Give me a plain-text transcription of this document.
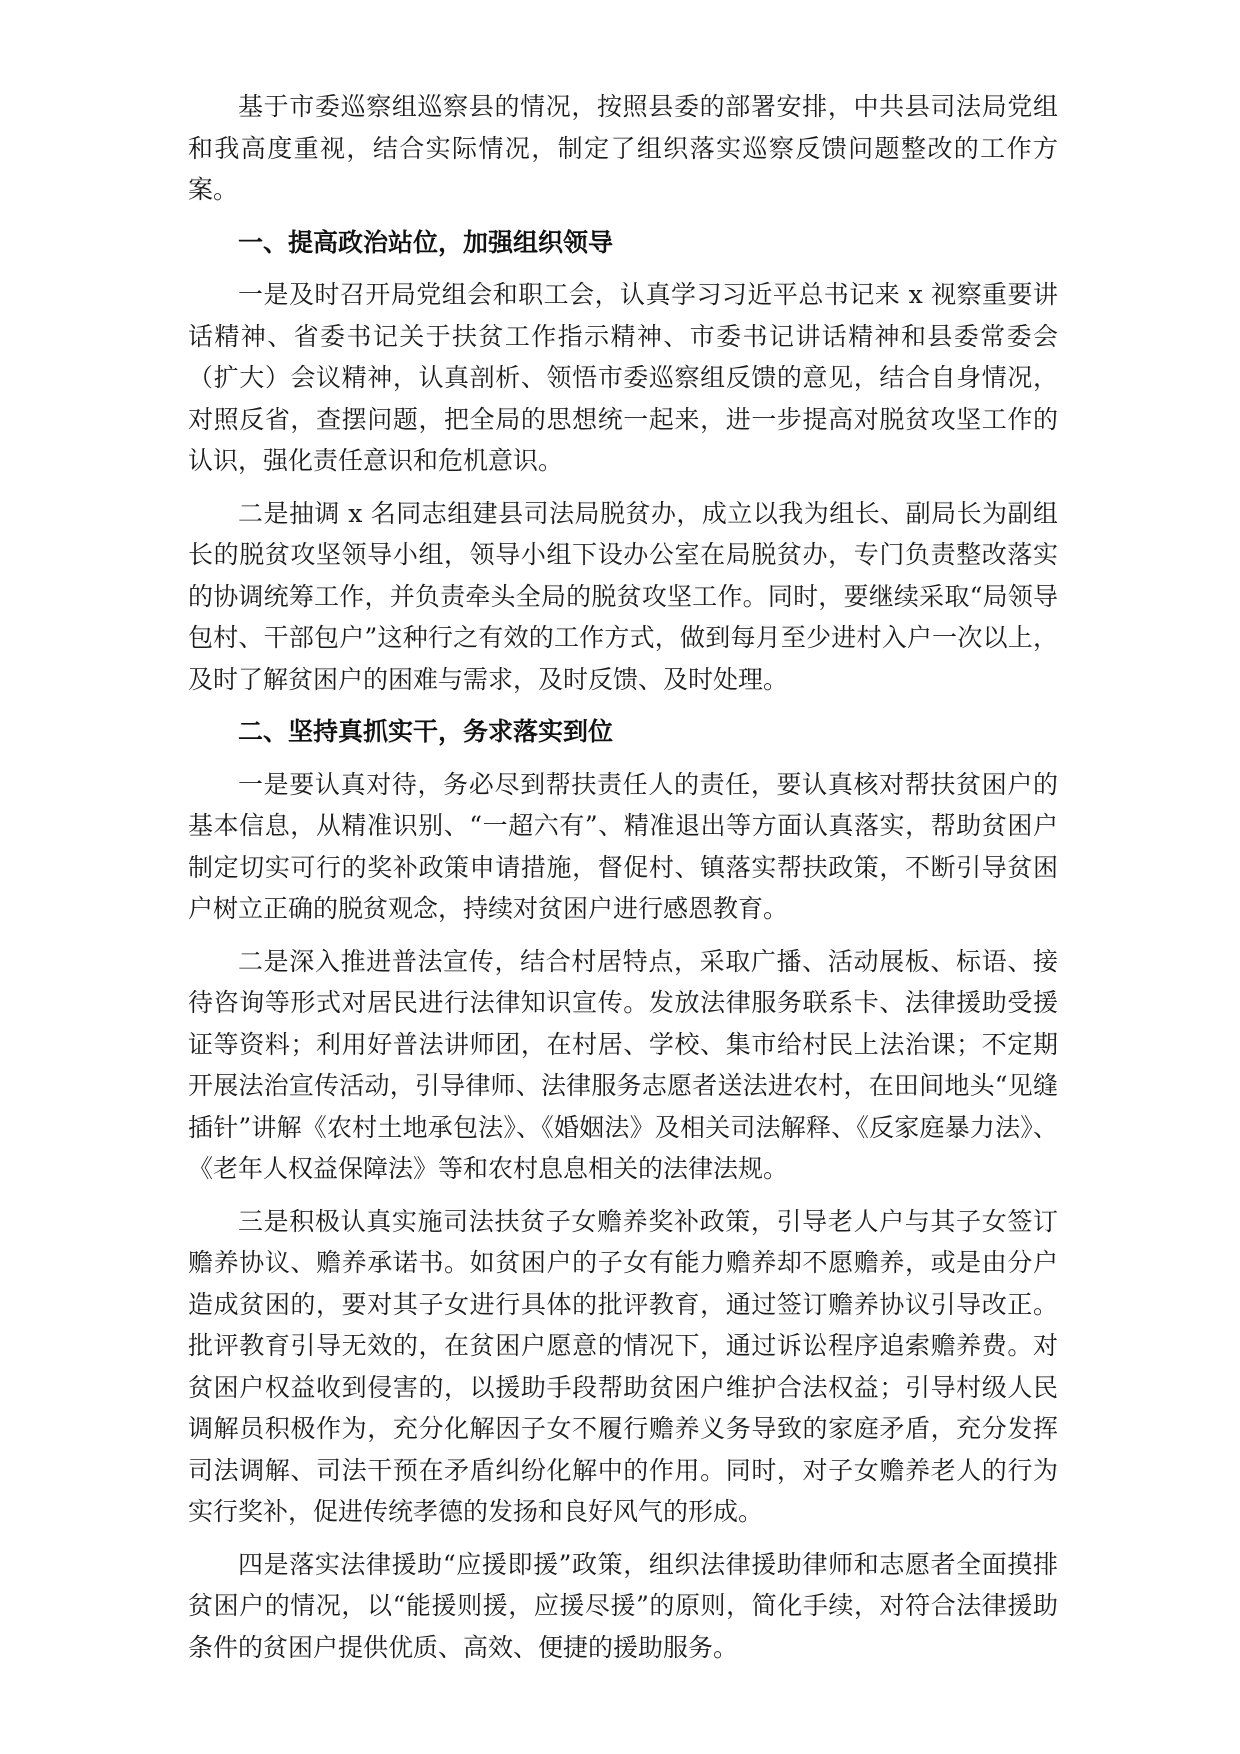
基于市委巡察组巡察县的情况，按照县委的部署安排，中共县司法局党组和我高度重视，结合实际情况，制定了组织落实巡察反馈问题整改的工作方案。

一、提高政治站位，加强组织领导

一是及时召开局党组会和职工会，认真学习习近平总书记来 x 视察重要讲话精神、省委书记关于扶贫工作指示精神、市委书记讲话精神和县委常委会（扩大）会议精神，认真剖析、领悟市委巡察组反馈的意见，结合自身情况，对照反省，查摆问题，把全局的思想统一起来，进一步提高对脱贫攻坚工作的认识，强化责任意识和危机意识。

二是抽调 x 名同志组建县司法局脱贫办，成立以我为组长、副局长为副组长的脱贫攻坚领导小组，领导小组下设办公室在局脱贫办，专门负责整改落实的协调统筹工作，并负责牵头全局的脱贫攻坚工作。同时，要继续采取“局领导包村、干部包户”这种行之有效的工作方式，做到每月至少进村入户一次以上，及时了解贫困户的困难与需求，及时反馈、及时处理。

二、坚持真抓实干，务求落实到位

一是要认真对待，务必尽到帮扶责任人的责任，要认真核对帮扶贫困户的基本信息，从精准识别、“一超六有”、精准退出等方面认真落实，帮助贫困户制定切实可行的奖补政策申请措施，督促村、镇落实帮扶政策，不断引导贫困户树立正确的脱贫观念，持续对贫困户进行感恩教育。

二是深入推进普法宣传，结合村居特点，采取广播、活动展板、标语、接待咨询等形式对居民进行法律知识宣传。发放法律服务联系卡、法律援助受援证等资料；利用好普法讲师团，在村居、学校、集市给村民上法治课；不定期开展法治宣传活动，引导律师、法律服务志愿者送法进农村，在田间地头“见缝插针”讲解《农村土地承包法》、《婚姻法》及相关司法解释、《反家庭暴力法》、《老年人权益保障法》等和农村息息相关的法律法规。

三是积极认真实施司法扶贫子女赡养奖补政策，引导老人户与其子女签订赡养协议、赡养承诺书。如贫困户的子女有能力赡养却不愿赡养，或是由分户造成贫困的，要对其子女进行具体的批评教育，通过签订赡养协议引导改正。批评教育引导无效的，在贫困户愿意的情况下，通过诉讼程序追索赡养费。对贫困户权益收到侵害的，以援助手段帮助贫困户维护合法权益；引导村级人民调解员积极作为，充分化解因子女不履行赡养义务导致的家庭矛盾，充分发挥司法调解、司法干预在矛盾纠纷化解中的作用。同时，对子女赡养老人的行为实行奖补，促进传统孝德的发扬和良好风气的形成。

四是落实法律援助“应援即援”政策，组织法律援助律师和志愿者全面摸排贫困户的情况，以“能援则援，应援尽援”的原则，简化手续，对符合法律援助条件的贫困户提供优质、高效、便捷的援助服务。
